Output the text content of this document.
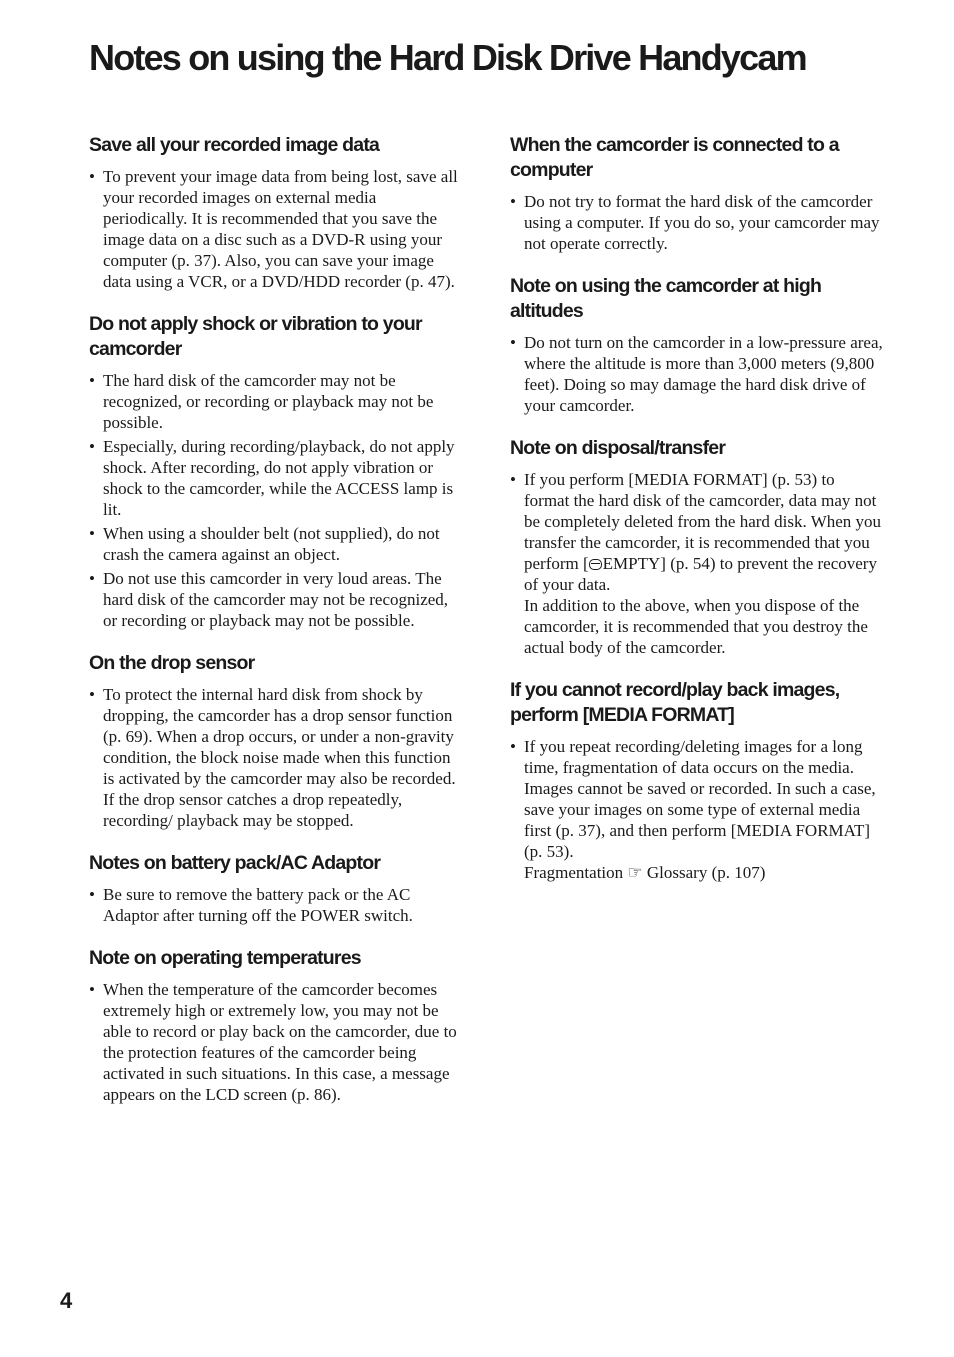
Notes on using the Hard Disk Drive Handycam
Save all your recorded image data
• To prevent your image data from being lost, save all your recorded images on external media periodically. It is recommended that you save the image data on a disc such as a DVD-R using your computer (p. 37). Also, you can save your image data using a VCR, or a DVD/HDD recorder (p. 47).
Do not apply shock or vibration to your camcorder
• The hard disk of the camcorder may not be recognized, or recording or playback may not be possible.
• Especially, during recording/playback, do not apply shock. After recording, do not apply vibration or shock to the camcorder, while the ACCESS lamp is lit.
• When using a shoulder belt (not supplied), do not crash the camera against an object.
• Do not use this camcorder in very loud areas. The hard disk of the camcorder may not be recognized, or recording or playback may not be possible.
On the drop sensor
• To protect the internal hard disk from shock by dropping, the camcorder has a drop sensor function (p. 69). When a drop occurs, or under a non-gravity condition, the block noise made when this function is activated by the camcorder may also be recorded. If the drop sensor catches a drop repeatedly, recording/ playback may be stopped.
Notes on battery pack/AC Adaptor
• Be sure to remove the battery pack or the AC Adaptor after turning off the POWER switch.
Note on operating temperatures
• When the temperature of the camcorder becomes extremely high or extremely low, you may not be able to record or play back on the camcorder, due to the protection features of the camcorder being activated in such situations. In this case, a message appears on the LCD screen (p. 86).
When the camcorder is connected to a computer
• Do not try to format the hard disk of the camcorder using a computer. If you do so, your camcorder may not operate correctly.
Note on using the camcorder at high altitudes
• Do not turn on the camcorder in a low-pressure area, where the altitude is more than 3,000 meters (9,800 feet). Doing so may damage the hard disk drive of your camcorder.
Note on disposal/transfer
• If you perform [MEDIA FORMAT] (p. 53) to format the hard disk of the camcorder, data may not be completely deleted from the hard disk. When you transfer the camcorder, it is recommended that you perform [ EMPTY] (p. 54) to prevent the recovery of your data.
In addition to the above, when you dispose of the camcorder, it is recommended that you destroy the actual body of the camcorder.
If you cannot record/play back images, perform [MEDIA FORMAT]
• If you repeat recording/deleting images for a long time, fragmentation of data occurs on the media. Images cannot be saved or recorded. In such a case, save your images on some type of external media first (p. 37), and then perform [MEDIA FORMAT] (p. 53).
Fragmentation ☞ Glossary (p. 107)
4
